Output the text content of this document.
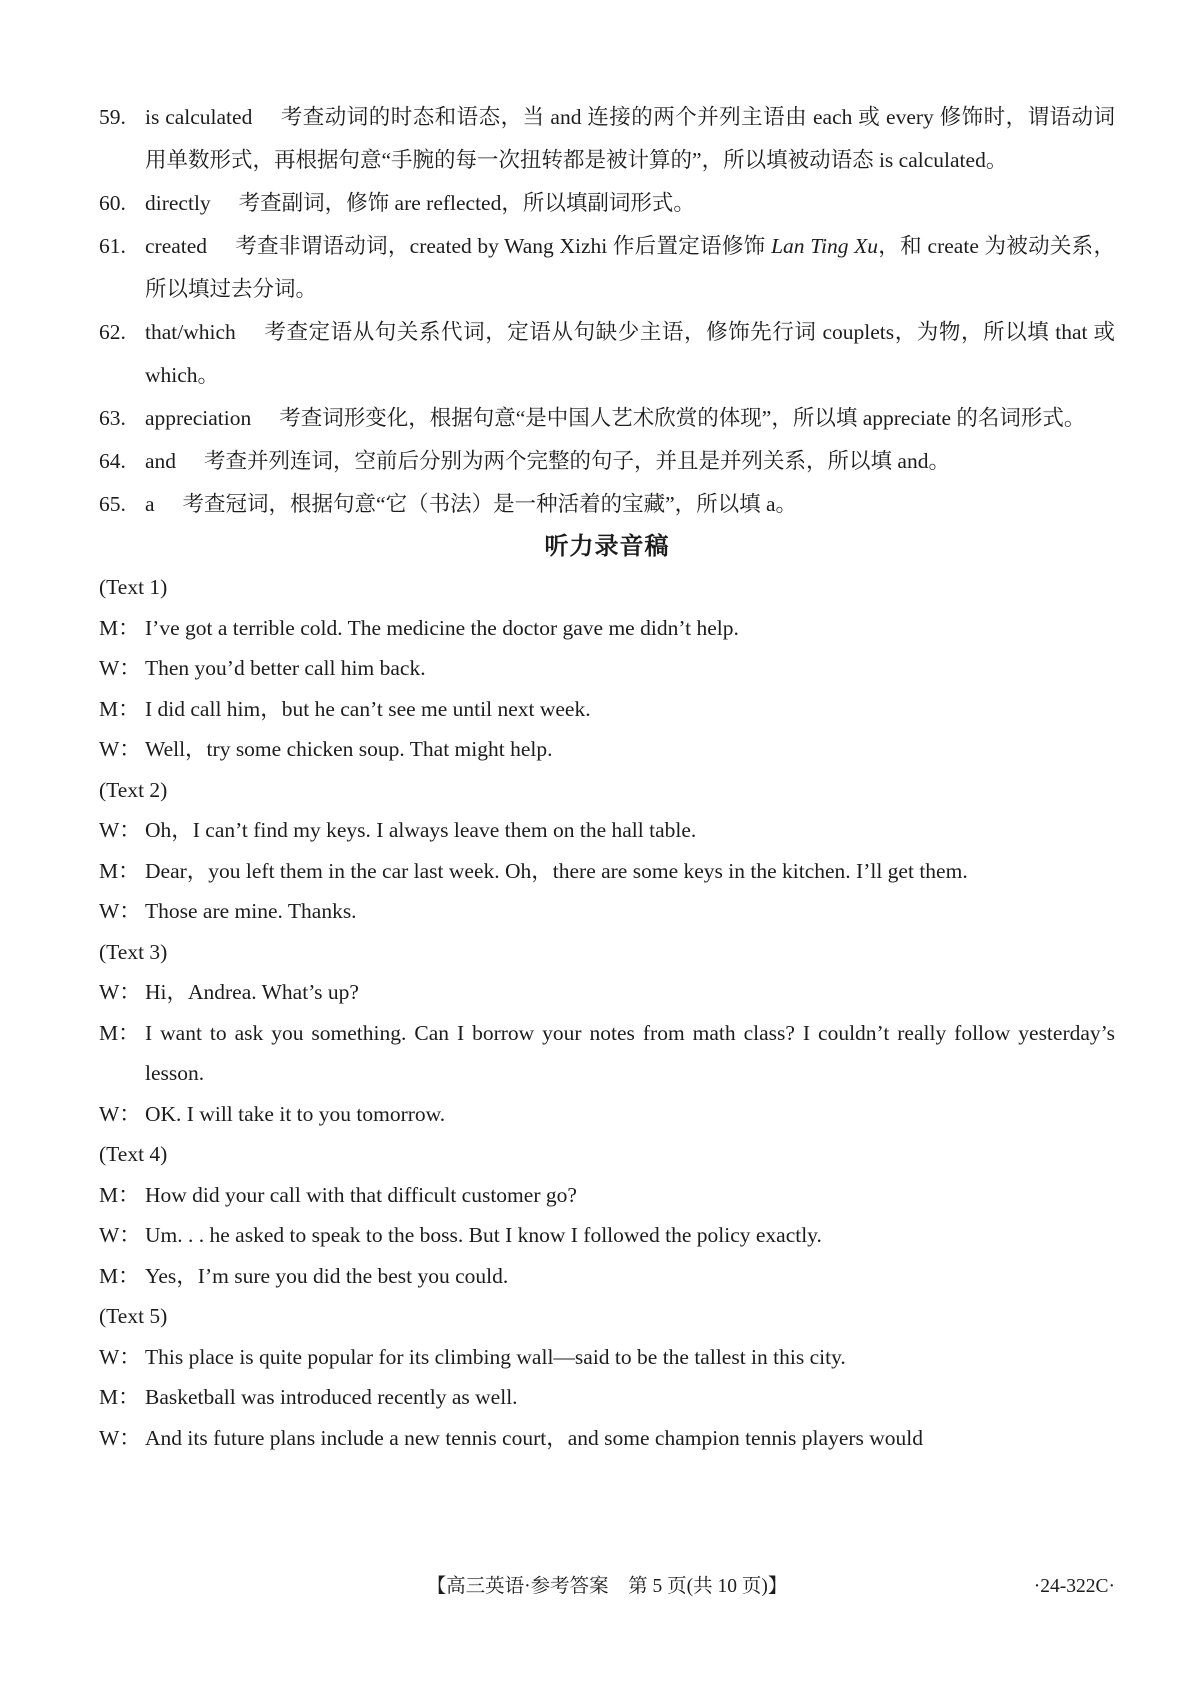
59. is calculated 考查动词的时态和语态，当 and 连接的两个并列主语由 each 或 every 修饰时，谓语动词用单数形式，再根据句意“手腕的每一次扭转都是被计算的”，所以填被动语态 is calculated。
60. directly 考查副词，修饰 are reflected，所以填副词形式。
61. created 考查非谓语动词，created by Wang Xizhi 作后置定语修饰 Lan Ting Xu，和 create 为被动关系，所以填过去分词。
62. that/which 考查定语从句关系代词，定语从句缺少主语，修饰先行词 couplets，为物，所以填 that 或 which。
63. appreciation 考查词形变化，根据句意“是中国人艺术欣赏的体现”，所以填 appreciate 的名词形式。
64. and 考查并列连词，空前后分别为两个完整的句子，并且是并列关系，所以填 and。
65. a 考查冠词，根据句意“它（书法）是一种活着的宝藏”，所以填 a。
听力录音稿
(Text 1)
M： I’ve got a terrible cold. The medicine the doctor gave me didn’t help.
W： Then you’d better call him back.
M： I did call him，but he can’t see me until next week.
W： Well，try some chicken soup. That might help.
(Text 2)
W： Oh，I can’t find my keys. I always leave them on the hall table.
M： Dear，you left them in the car last week. Oh，there are some keys in the kitchen. I’ll get them.
W： Those are mine. Thanks.
(Text 3)
W： Hi，Andrea. What’s up?
M： I want to ask you something. Can I borrow your notes from math class? I couldn’t really follow yesterday’s lesson.
W： OK. I will take it to you tomorrow.
(Text 4)
M： How did your call with that difficult customer go?
W： Um. . . he asked to speak to the boss. But I know I followed the policy exactly.
M： Yes，I’m sure you did the best you could.
(Text 5)
W： This place is quite popular for its climbing wall—said to be the tallest in this city.
M： Basketball was introduced recently as well.
W： And its future plans include a new tennis court，and some champion tennis players would
【高三英语·参考答案　第 5 页(共 10 页)】	·24-322C·
